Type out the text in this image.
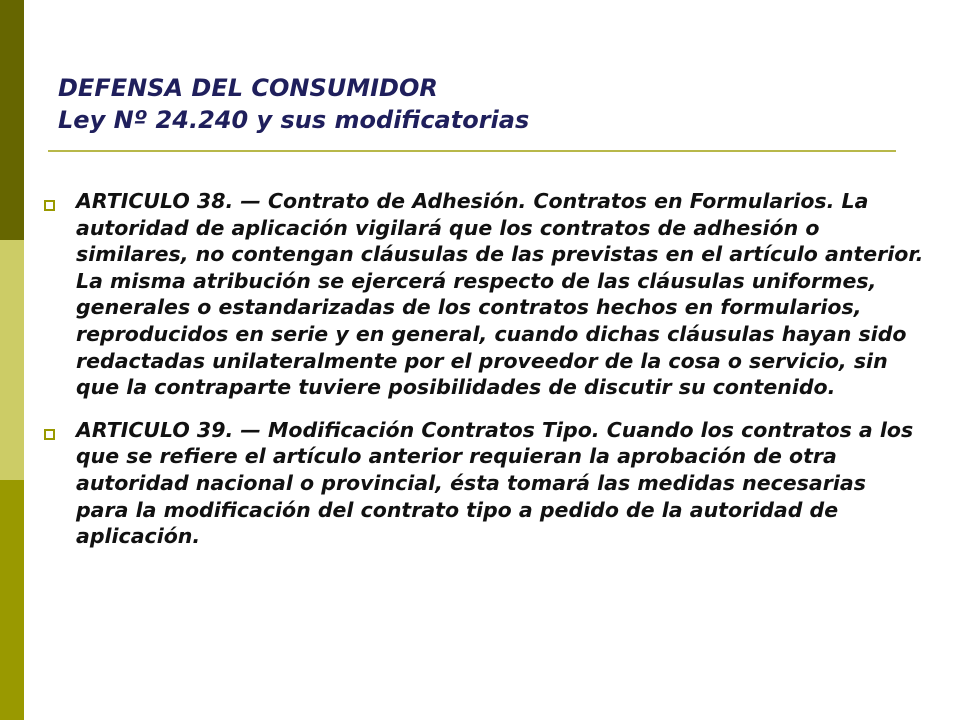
DEFENSA DEL CONSUMIDOR
Ley Nº 24.240 y sus modificatorias
ARTICULO 38. — Contrato de Adhesión. Contratos en Formularios. La autoridad de aplicación vigilará que los contratos de adhesión o similares, no contengan cláusulas de las previstas en el artículo anterior. La misma atribución se ejercerá respecto de las cláusulas uniformes, generales o estandarizadas de los contratos hechos en formularios, reproducidos en serie y en general, cuando dichas cláusulas hayan sido redactadas unilateralmente por el proveedor de la cosa o servicio, sin que la contraparte tuviere posibilidades de discutir su contenido.
ARTICULO 39. — Modificación Contratos Tipo. Cuando los contratos a los que se refiere el artículo anterior requieran la aprobación de otra autoridad nacional o provincial, ésta tomará las medidas necesarias para la modificación del contrato tipo a pedido de la autoridad de aplicación.
